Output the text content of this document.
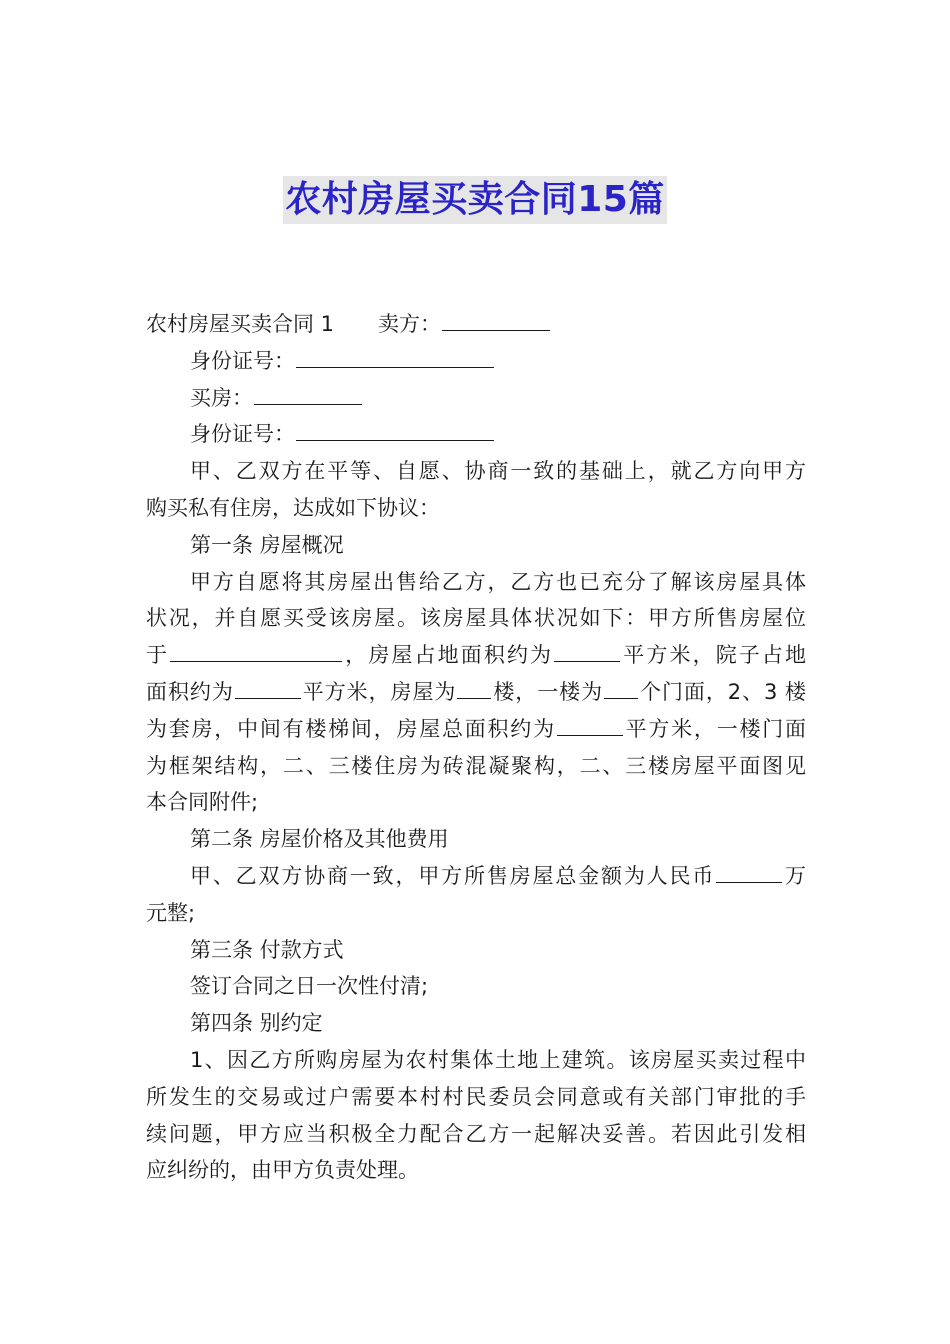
农村房屋买卖合同15篇
农村房屋买卖合同 1 卖方：
身份证号：
买房：
身份证号：
甲、乙双方在平等、自愿、协商一致的基础上，就乙方向甲方
购买私有住房，达成如下协议：
第一条 房屋概况
甲方自愿将其房屋出售给乙方，乙方也已充分了解该房屋具体
状况，并自愿买受该房屋。该房屋具体状况如下：甲方所售房屋位
于	，房屋占地面积约为	平方米，院子占地
面积约为	平方米，房屋为 楼，一楼为 个门面，2、3 楼
为套房，中间有楼梯间，房屋总面积约为	平方米，一楼门面
为框架结构，二、三楼住房为砖混凝聚构，二、三楼房屋平面图见
本合同附件;
第二条 房屋价格及其他费用
甲、乙双方协商一致，甲方所售房屋总金额为人民币	万
元整;
第三条 付款方式
签订合同之日一次性付清;
第四条 别约定
1、因乙方所购房屋为农村集体土地上建筑。该房屋买卖过程中
所发生的交易或过户需要本村村民委员会同意或有关部门审批的手
续问题，甲方应当积极全力配合乙方一起解决妥善。若因此引发相
应纠纷的，由甲方负责处理。
